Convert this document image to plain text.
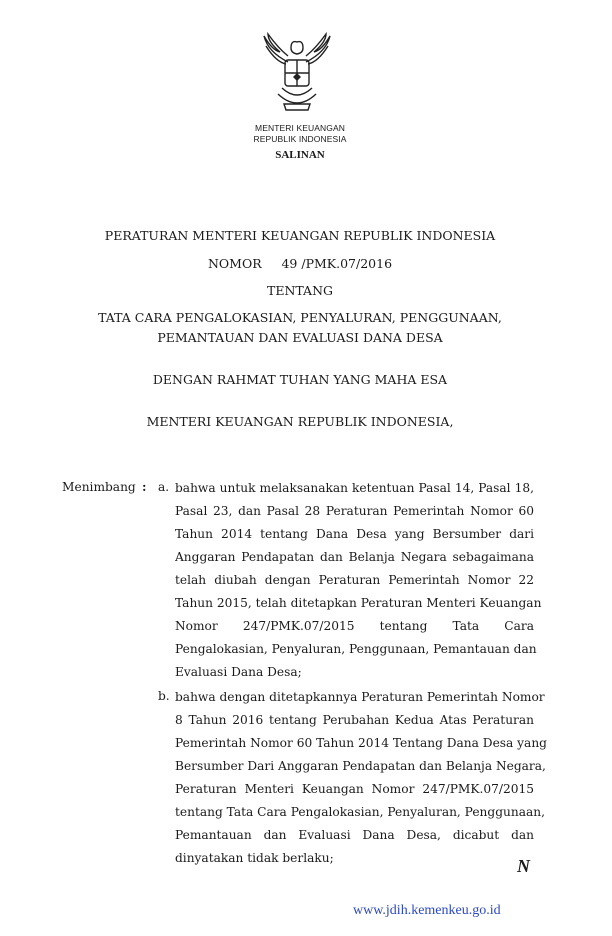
MENTERI KEUANGAN
REPUBLIK INDONESIA
SALINAN
PERATURAN MENTERI KEUANGAN REPUBLIK INDONESIA
NOMOR     49 /PMK.07/2016
TENTANG
TATA CARA PENGALOKASIAN, PENYALURAN, PENGGUNAAN,
PEMANTAUAN DAN EVALUASI DANA DESA
DENGAN RAHMAT TUHAN YANG MAHA ESA
MENTERI KEUANGAN REPUBLIK INDONESIA,
Menimbang : a. bahwa untuk melaksanakan ketentuan Pasal 14, Pasal 18,
Pasal 23, dan Pasal 28 Peraturan Pemerintah Nomor 60
Tahun 2014 tentang Dana Desa yang Bersumber dari
Anggaran Pendapatan dan Belanja Negara sebagaimana
telah diubah dengan Peraturan Pemerintah Nomor 22
Tahun 2015, telah ditetapkan Peraturan Menteri Keuangan
Nomor 247/PMK.07/2015 tentang Tata Cara
Pengalokasian, Penyaluran, Penggunaan, Pemantauan dan
Evaluasi Dana Desa;
b. bahwa dengan ditetapkannya Peraturan Pemerintah Nomor
8 Tahun 2016 tentang Perubahan Kedua Atas Peraturan
Pemerintah Nomor 60 Tahun 2014 Tentang Dana Desa yang
Bersumber Dari Anggaran Pendapatan dan Belanja Negara,
Peraturan Menteri Keuangan Nomor 247/PMK.07/2015
tentang Tata Cara Pengalokasian, Penyaluran, Penggunaan,
Pemantauan dan Evaluasi Dana Desa, dicabut dan
dinyatakan tidak berlaku;	N
www.jdih.kemenkeu.go.id
